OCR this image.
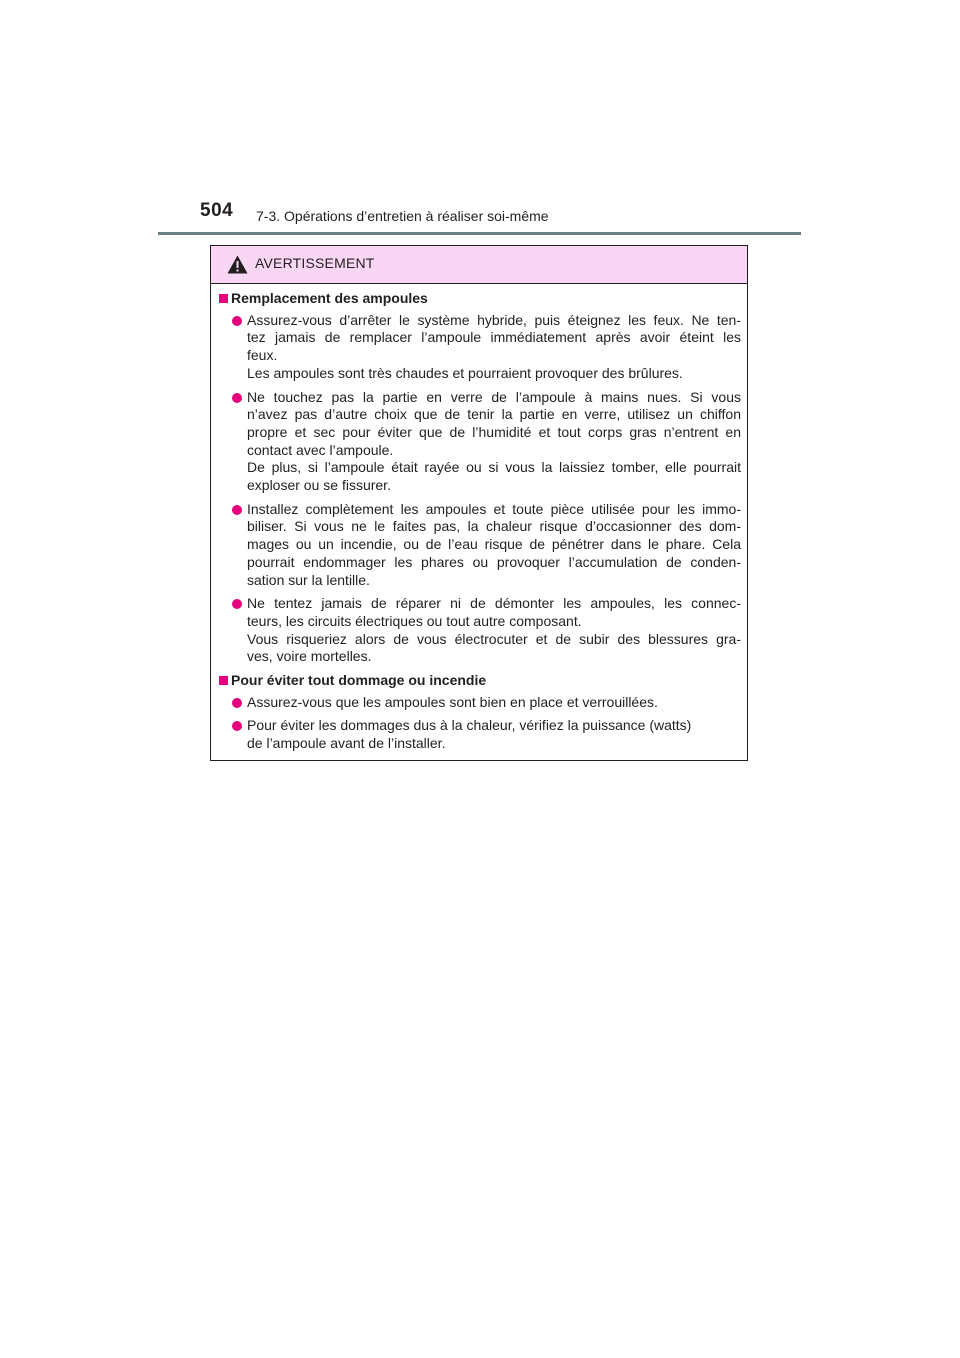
504 7-3. Opérations d’entretien à réaliser soi-même
AVERTISSEMENT
Remplacement des ampoules
Assurez-vous d’arrêter le système hybride, puis éteignez les feux. Ne ten-
tez jamais de remplacer l’ampoule immédiatement après avoir éteint les
feux.
Les ampoules sont très chaudes et pourraient provoquer des brûlures.
Ne touchez pas la partie en verre de l’ampoule à mains nues. Si vous
n’avez pas d’autre choix que de tenir la partie en verre, utilisez un chiffon
propre et sec pour éviter que de l’humidité et tout corps gras n’entrent en
contact avec l’ampoule.
De plus, si l’ampoule était rayée ou si vous la laissiez tomber, elle pourrait
exploser ou se fissurer.
Installez complètement les ampoules et toute pièce utilisée pour les immo-
biliser. Si vous ne le faites pas, la chaleur risque d’occasionner des dom-
mages ou un incendie, ou de l’eau risque de pénétrer dans le phare. Cela
pourrait endommager les phares ou provoquer l’accumulation de conden-
sation sur la lentille.
Ne tentez jamais de réparer ni de démonter les ampoules, les connec-
teurs, les circuits électriques ou tout autre composant.
Vous risqueriez alors de vous électrocuter et de subir des blessures gra-
ves, voire mortelles.
Pour éviter tout dommage ou incendie
Assurez-vous que les ampoules sont bien en place et verrouillées.
Pour éviter les dommages dus à la chaleur, vérifiez la puissance (watts)
de l’ampoule avant de l’installer.
